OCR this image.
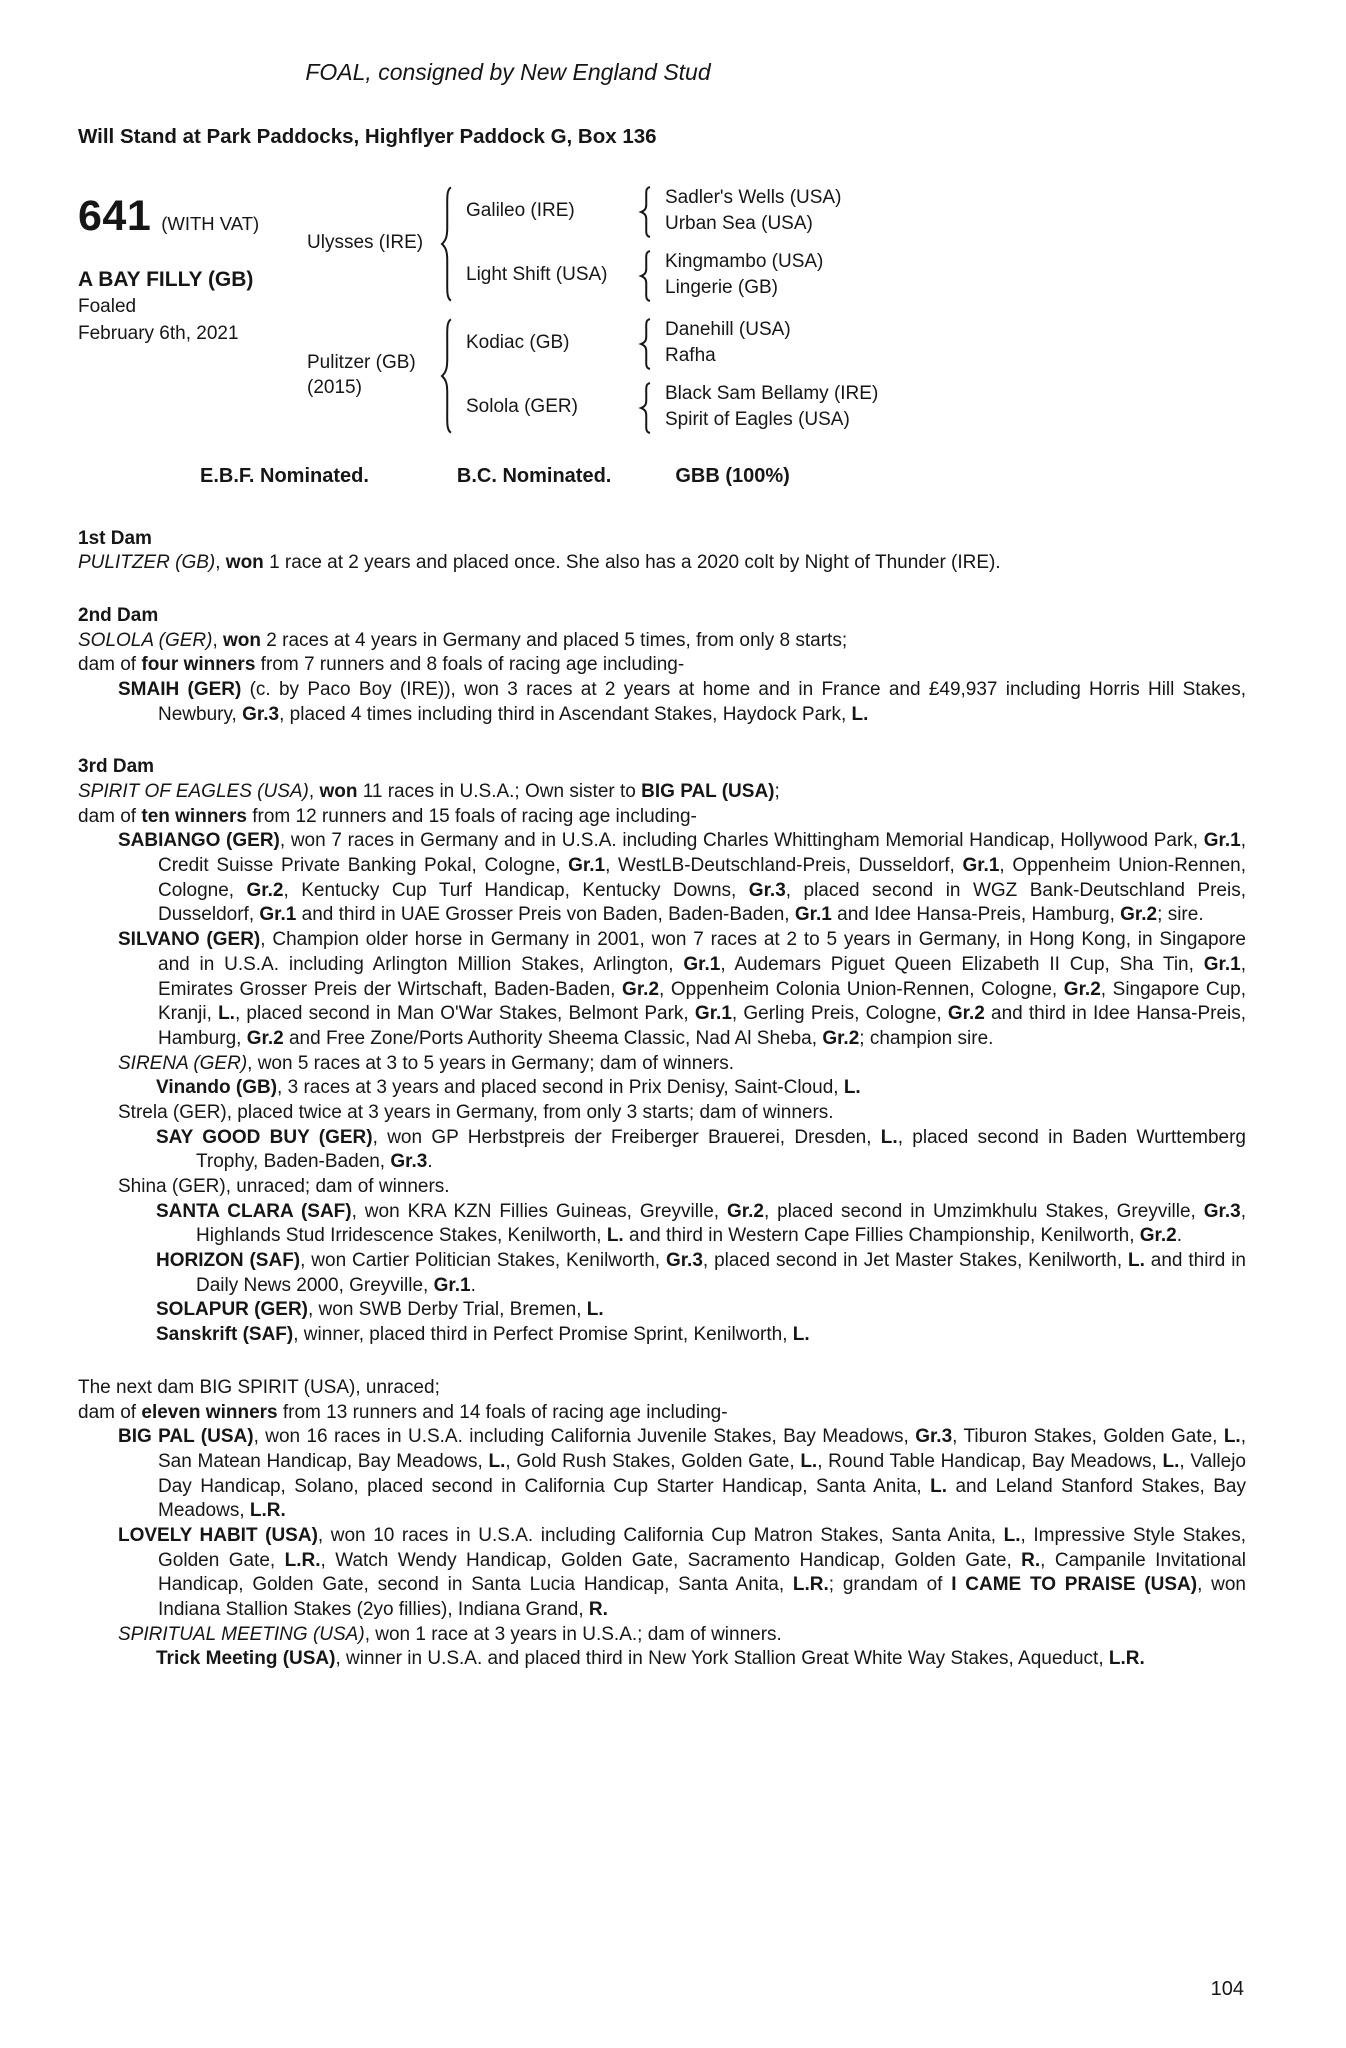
FOAL, consigned by New England Stud
Will Stand at Park Paddocks, Highflyer Paddock G, Box 136
641 (WITH VAT)
A BAY FILLY (GB)
Foaled
February 6th, 2021
Ulysses (IRE)
Galileo (IRE)
Sadler's Wells (USA)
Urban Sea (USA)
Light Shift (USA)
Kingmambo (USA)
Lingerie (GB)
Pulitzer (GB)
(2015)
Kodiac (GB)
Danehill (USA)
Rafha
Solola (GER)
Black Sam Bellamy (IRE)
Spirit of Eagles (USA)
E.B.F. Nominated.	B.C. Nominated.	GBB (100%)
1st Dam

PULITZER (GB), won 1 race at 2 years and placed once. She also has a 2020 colt by Night of Thunder (IRE).

2nd Dam

SOLOLA (GER), won 2 races at 4 years in Germany and placed 5 times, from only 8 starts;

dam of four winners from 7 runners and 8 foals of racing age including-

SMAIH (GER) (c. by Paco Boy (IRE)), won 3 races at 2 years at home and in France and £49,937 including Horris Hill Stakes, Newbury, Gr.3, placed 4 times including third in Ascendant Stakes, Haydock Park, L.

3rd Dam

SPIRIT OF EAGLES (USA), won 11 races in U.S.A.; Own sister to BIG PAL (USA);

dam of ten winners from 12 runners and 15 foals of racing age including-

SABIANGO (GER), won 7 races in Germany and in U.S.A. including Charles Whittingham Memorial Handicap, Hollywood Park, Gr.1, Credit Suisse Private Banking Pokal, Cologne, Gr.1, WestLB-Deutschland-Preis, Dusseldorf, Gr.1, Oppenheim Union-Rennen, Cologne, Gr.2, Kentucky Cup Turf Handicap, Kentucky Downs, Gr.3, placed second in WGZ Bank-Deutschland Preis, Dusseldorf, Gr.1 and third in UAE Grosser Preis von Baden, Baden-Baden, Gr.1 and Idee Hansa-Preis, Hamburg, Gr.2; sire.

SILVANO (GER), Champion older horse in Germany in 2001, won 7 races at 2 to 5 years in Germany, in Hong Kong, in Singapore and in U.S.A. including Arlington Million Stakes, Arlington, Gr.1, Audemars Piguet Queen Elizabeth II Cup, Sha Tin, Gr.1, Emirates Grosser Preis der Wirtschaft, Baden-Baden, Gr.2, Oppenheim Colonia Union-Rennen, Cologne, Gr.2, Singapore Cup, Kranji, L., placed second in Man O'War Stakes, Belmont Park, Gr.1, Gerling Preis, Cologne, Gr.2 and third in Idee Hansa-Preis, Hamburg, Gr.2 and Free Zone/Ports Authority Sheema Classic, Nad Al Sheba, Gr.2; champion sire.

SIRENA (GER), won 5 races at 3 to 5 years in Germany; dam of winners.

Vinando (GB), 3 races at 3 years and placed second in Prix Denisy, Saint-Cloud, L.

Strela (GER), placed twice at 3 years in Germany, from only 3 starts; dam of winners.

SAY GOOD BUY (GER), won GP Herbstpreis der Freiberger Brauerei, Dresden, L., placed second in Baden Wurttemberg Trophy, Baden-Baden, Gr.3.

Shina (GER), unraced; dam of winners.

SANTA CLARA (SAF), won KRA KZN Fillies Guineas, Greyville, Gr.2, placed second in Umzimkhulu Stakes, Greyville, Gr.3, Highlands Stud Irridescence Stakes, Kenilworth, L. and third in Western Cape Fillies Championship, Kenilworth, Gr.2.

HORIZON (SAF), won Cartier Politician Stakes, Kenilworth, Gr.3, placed second in Jet Master Stakes, Kenilworth, L. and third in Daily News 2000, Greyville, Gr.1.

SOLAPUR (GER), won SWB Derby Trial, Bremen, L.

Sanskrift (SAF), winner, placed third in Perfect Promise Sprint, Kenilworth, L.

The next dam BIG SPIRIT (USA), unraced;

dam of eleven winners from 13 runners and 14 foals of racing age including-

BIG PAL (USA), won 16 races in U.S.A. including California Juvenile Stakes, Bay Meadows, Gr.3, Tiburon Stakes, Golden Gate, L., San Matean Handicap, Bay Meadows, L., Gold Rush Stakes, Golden Gate, L., Round Table Handicap, Bay Meadows, L., Vallejo Day Handicap, Solano, placed second in California Cup Starter Handicap, Santa Anita, L. and Leland Stanford Stakes, Bay Meadows, L.R.

LOVELY HABIT (USA), won 10 races in U.S.A. including California Cup Matron Stakes, Santa Anita, L., Impressive Style Stakes, Golden Gate, L.R., Watch Wendy Handicap, Golden Gate, Sacramento Handicap, Golden Gate, R., Campanile Invitational Handicap, Golden Gate, second in Santa Lucia Handicap, Santa Anita, L.R.; grandam of I CAME TO PRAISE (USA), won Indiana Stallion Stakes (2yo fillies), Indiana Grand, R.

SPIRITUAL MEETING (USA), won 1 race at 3 years in U.S.A.; dam of winners.

Trick Meeting (USA), winner in U.S.A. and placed third in New York Stallion Great White Way Stakes, Aqueduct, L.R.

104
